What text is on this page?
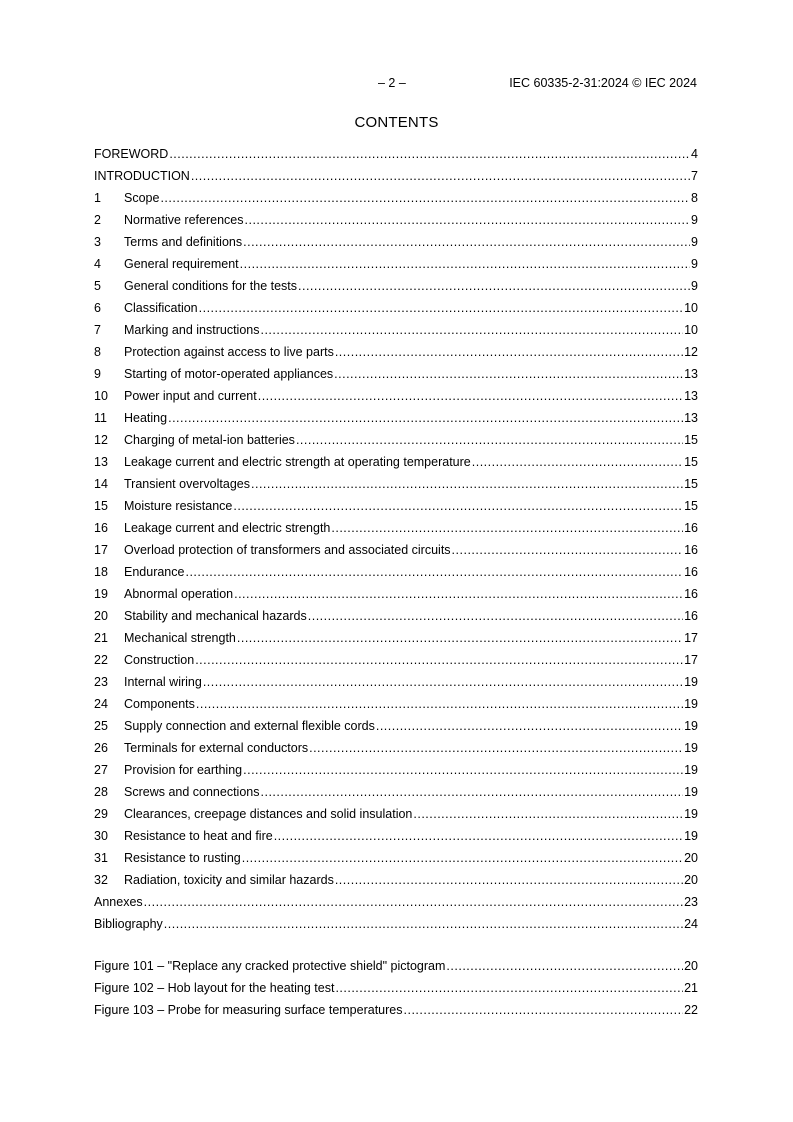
– 2 –	IEC 60335-2-31:2024 © IEC 2024
CONTENTS
FOREWORD .....	4
INTRODUCTION .....	7
1	Scope .....	8
2	Normative references .....	9
3	Terms and definitions .....	9
4	General requirement .....	9
5	General conditions for the tests .....	9
6	Classification .....	10
7	Marking and instructions .....	10
8	Protection against access to live parts .....	12
9	Starting of motor-operated appliances .....	13
10	Power input and current .....	13
11	Heating .....	13
12	Charging of metal-ion batteries .....	15
13	Leakage current and electric strength at operating temperature .....	15
14	Transient overvoltages .....	15
15	Moisture resistance .....	15
16	Leakage current and electric strength .....	16
17	Overload protection of transformers and associated circuits .....	16
18	Endurance .....	16
19	Abnormal operation .....	16
20	Stability and mechanical hazards .....	16
21	Mechanical strength .....	17
22	Construction .....	17
23	Internal wiring .....	19
24	Components .....	19
25	Supply connection and external flexible cords .....	19
26	Terminals for external conductors .....	19
27	Provision for earthing .....	19
28	Screws and connections .....	19
29	Clearances, creepage distances and solid insulation .....	19
30	Resistance to heat and fire .....	19
31	Resistance to rusting .....	20
32	Radiation, toxicity and similar hazards .....	20
Annexes .....	23
Bibliography .....	24
Figure 101 – "Replace any cracked protective shield" pictogram .....	20
Figure 102 – Hob layout for the heating test .....	21
Figure 103 – Probe for measuring surface temperatures .....	22
